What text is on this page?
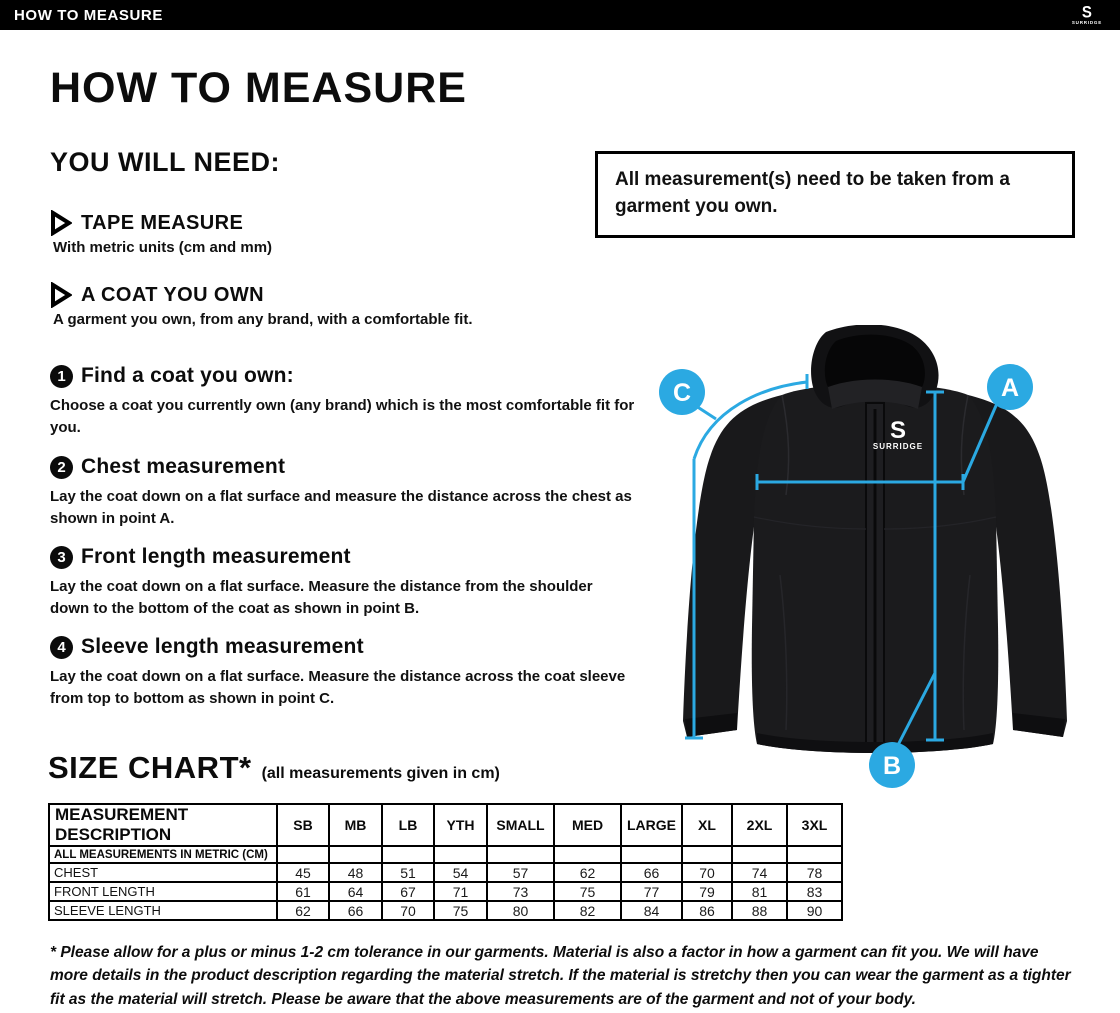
HOW TO MEASURE	S
SURRIDGE
HOW TO MEASURE
YOU WILL NEED:
All measurement(s) need to be taken from a garment you own.
TAPE MEASURE
With metric units (cm and mm)
A COAT YOU OWN
A garment you own, from any brand, with a comfortable fit.
1 Find a coat you own:
Choose a coat you currently own (any brand) which is the most comfortable fit for you.
2 Chest measurement
Lay the coat down on a flat surface and measure the distance across the chest as shown in point A.
3 Front length measurement
Lay the coat down on a flat surface. Measure the distance from the shoulder down to the bottom of the coat as shown in point B.
4 Sleeve length measurement
Lay the coat down on a flat surface. Measure the distance across the coat sleeve from top to bottom as shown in point C.
S
SURRIDGE
A
B
C
SIZE CHART* (all measurements given in cm)
MEASUREMENT DESCRIPTION	SB	MB	LB	YTH	SMALL	MED	LARGE	XL	2XL	3XL
ALL MEASUREMENTS IN METRIC (CM)										
CHEST	45	48	51	54	57	62	66	70	74	78
FRONT LENGTH	61	64	67	71	73	75	77	79	81	83
SLEEVE LENGTH	62	66	70	75	80	82	84	86	88	90
* Please allow for a plus or minus 1-2 cm tolerance in our garments. Material is also a factor in how a garment can fit you. We will have more details in the product description regarding the material stretch. If the material is stretchy then you can wear the garment as a tighter fit as the material will stretch. Please be aware that the above measurements are of the garment and not of your body.
